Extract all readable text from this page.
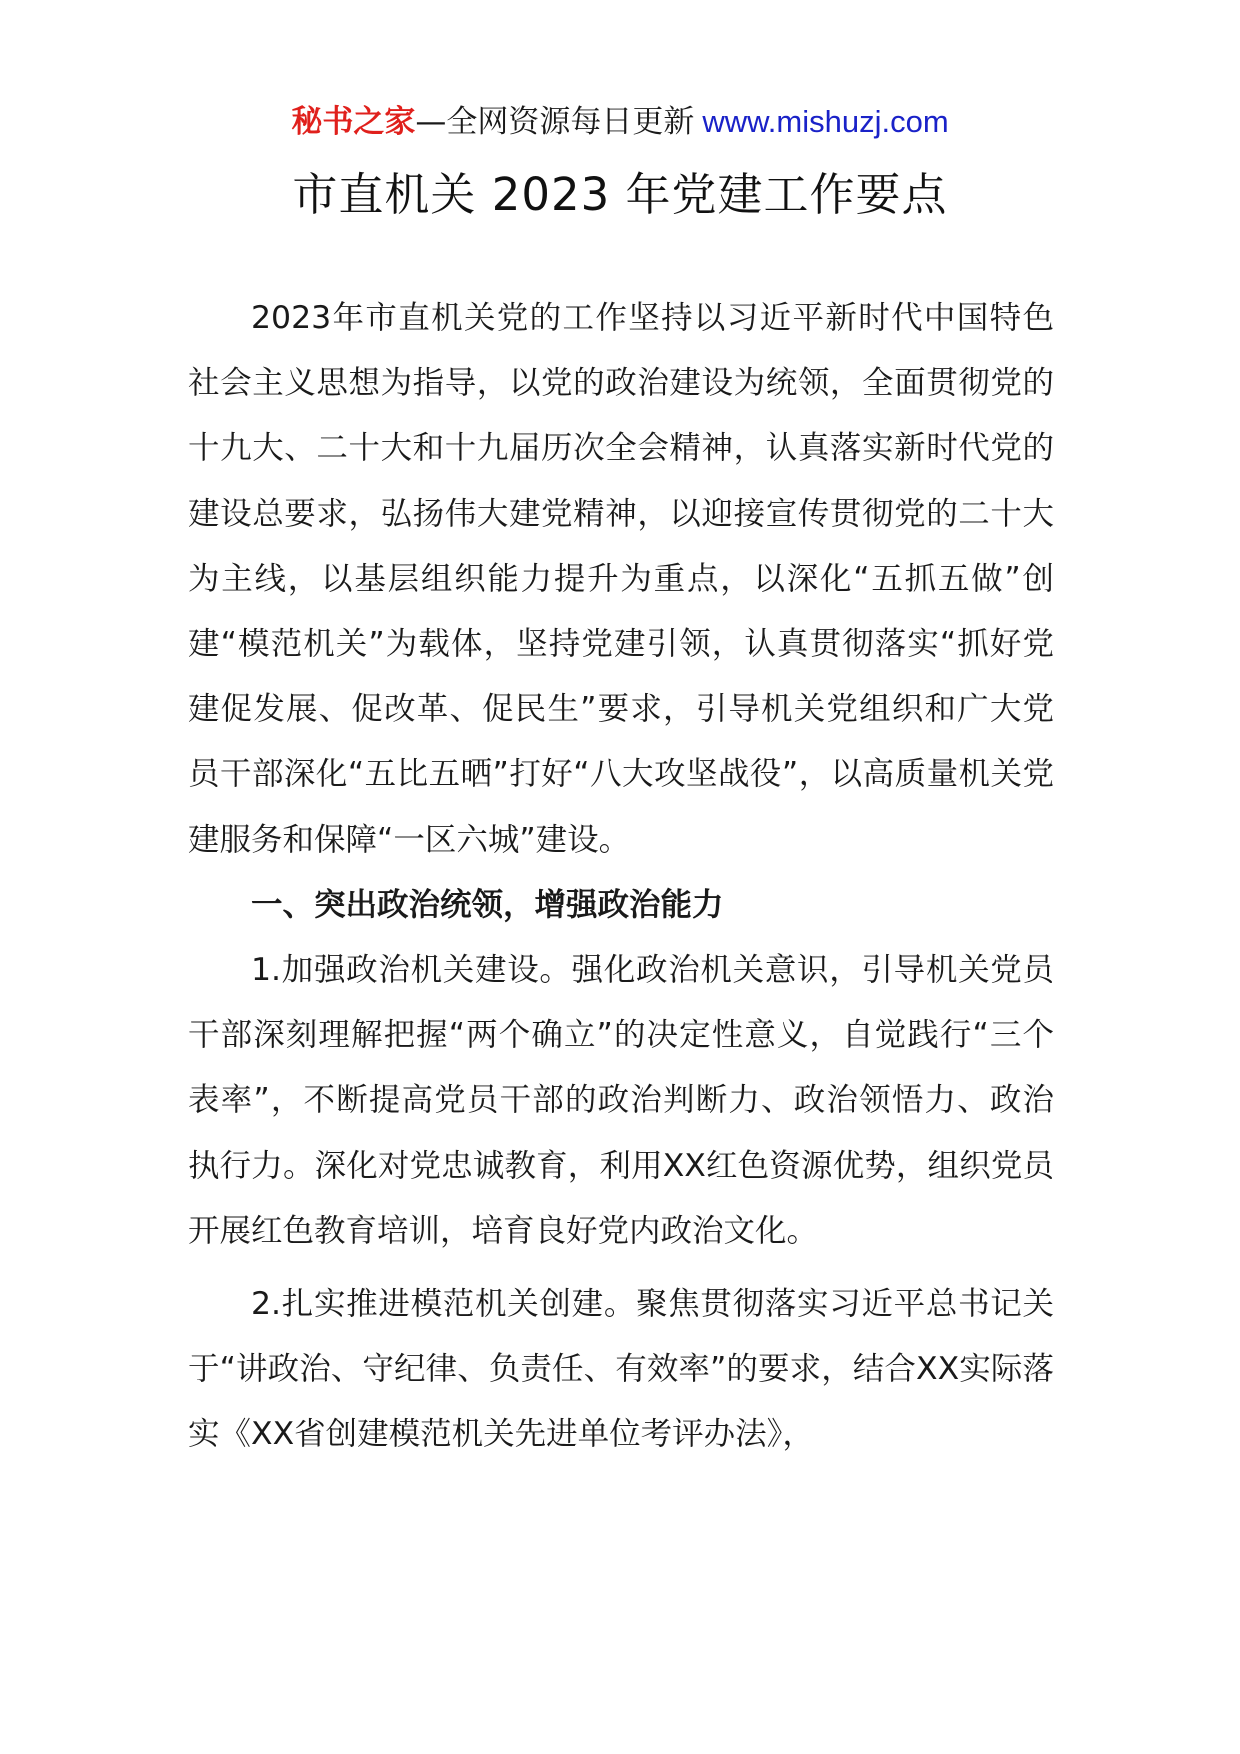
秘书之家—全网资源每日更新 www.mishuzj.com
市直机关 2023 年党建工作要点

2023年市直机关党的工作坚持以习近平新时代中国特色社会主义思想为指导，以党的政治建设为统领，全面贯彻党的十九大、二十大和十九届历次全会精神，认真落实新时代党的建设总要求，弘扬伟大建党精神，以迎接宣传贯彻党的二十大为主线，以基层组织能力提升为重点，以深化“五抓五做”创建“模范机关”为载体，坚持党建引领，认真贯彻落实“抓好党建促发展、促改革、促民生”要求，引导机关党组织和广大党员干部深化“五比五晒”打好“八大攻坚战役”，以高质量机关党建服务和保障“一区六城”建设。

一、突出政治统领，增强政治能力

1.加强政治机关建设。强化政治机关意识，引导机关党员干部深刻理解把握“两个确立”的决定性意义，自觉践行“三个表率”，不断提高党员干部的政治判断力、政治领悟力、政治执行力。深化对党忠诚教育，利用XX红色资源优势，组织党员开展红色教育培训，培育良好党内政治文化。

2.扎实推进模范机关创建。聚焦贯彻落实习近平总书记关于“讲政治、守纪律、负责任、有效率”的要求，结合XX实际落实《XX省创建模范机关先进单位考评办法》，
